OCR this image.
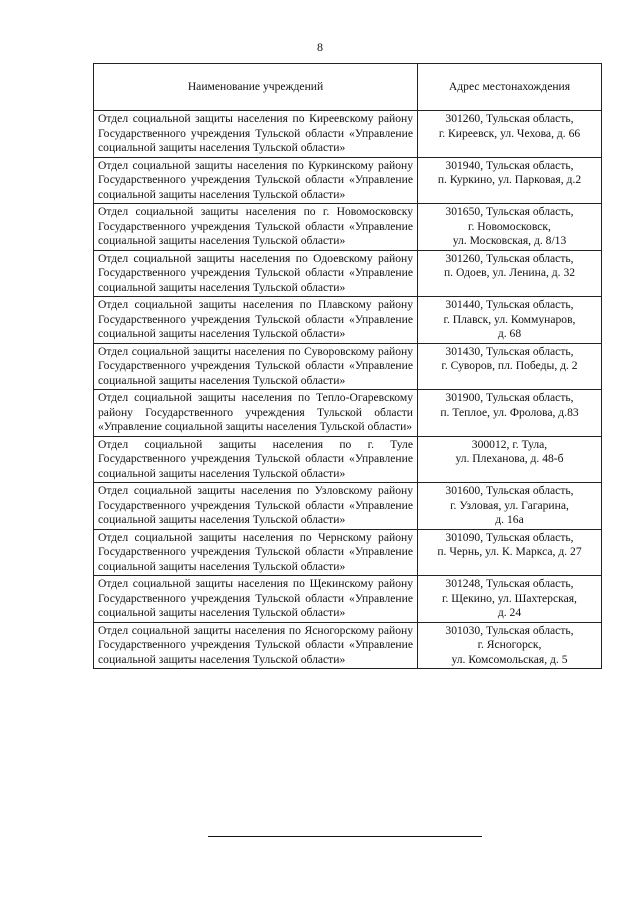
8
Наименование учреждений	Адрес местонахождения
Отдел социальной защиты населения по Киреевскому району Государственного учреждения Тульской области «Управление социальной защиты населения Тульской области»	301260, Тульская область,
г. Киреевск, ул. Чехова, д. 66

Отдел социальной защиты населения по Куркинскому району Государственного учреждения Тульской области «Управление социальной защиты населения Тульской области»	301940, Тульская область,
п. Куркино, ул. Парковая, д.2

Отдел социальной защиты населения по г. Новомосковску Государственного учреждения Тульской области «Управление социальной защиты населения Тульской области»	301650, Тульская область,
г. Новомосковск,
ул. Московская, д. 8/13

Отдел социальной защиты населения по Одоевскому району Государственного учреждения Тульской области «Управление социальной защиты населения Тульской области»	301260, Тульская область,
п. Одоев, ул. Ленина, д. 32

Отдел социальной защиты населения по Плавскому району Государственного учреждения Тульской области «Управление социальной защиты населения Тульской области»	301440, Тульская область,
г. Плавск, ул. Коммунаров,
д. 68

Отдел социальной защиты населения по Суворовскому району Государственного учреждения Тульской области «Управление социальной защиты населения Тульской области»	301430, Тульская область,
г. Суворов, пл. Победы, д. 2

Отдел социальной защиты населения по Тепло-Огаревскому району Государственного учреждения Тульской области «Управление социальной защиты населения Тульской области»	301900, Тульская область,
п. Теплое, ул. Фролова, д.83

Отдел социальной защиты населения по г. Туле Государственного учреждения Тульской области «Управление социальной защиты населения Тульской области»	300012, г. Тула,
ул. Плеханова, д. 48-б

Отдел социальной защиты населения по Узловскому району Государственного учреждения Тульской области «Управление социальной защиты населения Тульской области»	301600, Тульская область,
г. Узловая, ул. Гагарина,
д. 16а

Отдел социальной защиты населения по Чернскому району Государственного учреждения Тульской области «Управление социальной защиты населения Тульской области»	301090, Тульская область,
п. Чернь, ул. К. Маркса, д. 27

Отдел социальной защиты населения по Щекинскому району Государственного учреждения Тульской области «Управление социальной защиты населения Тульской области»	301248, Тульская область,
г. Щекино, ул. Шахтерская,
д. 24

Отдел социальной защиты населения по Ясногорскому району Государственного учреждения Тульской области «Управление социальной защиты населения Тульской области»	301030, Тульская область,
г. Ясногорск,
ул. Комсомольская, д. 5
